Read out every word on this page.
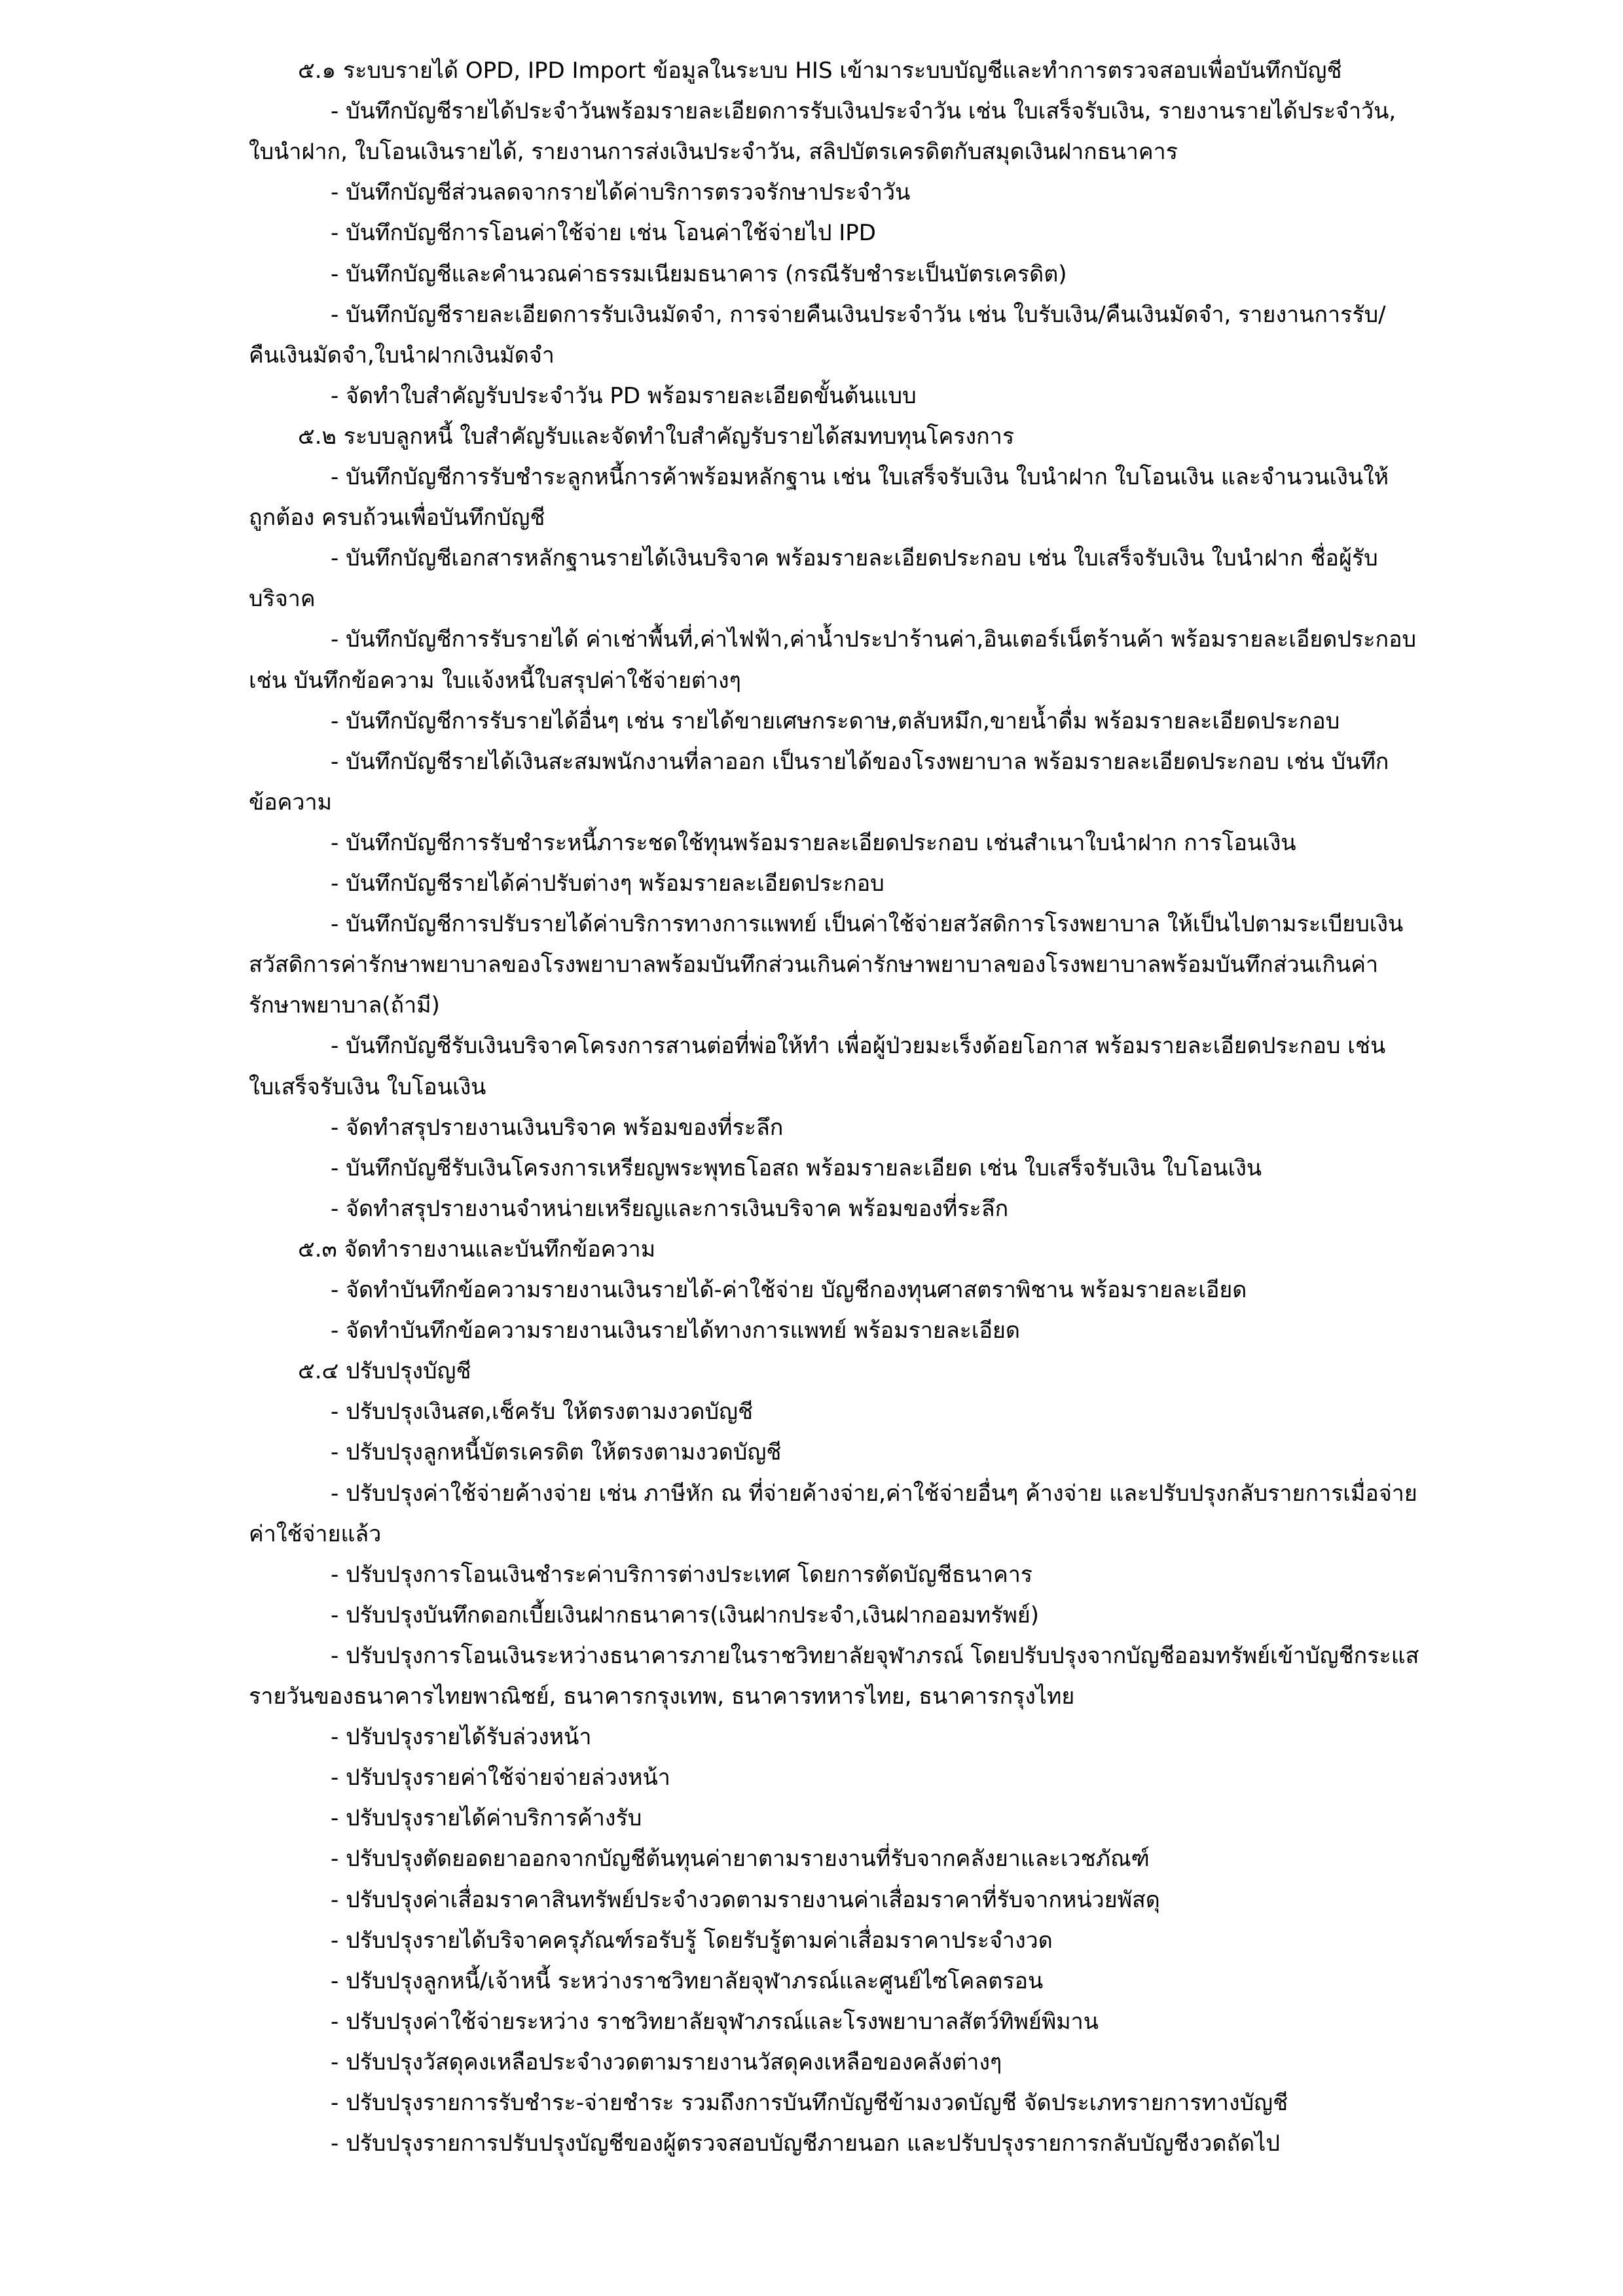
๕.๑ ระบบรายได้ OPD, IPD Import ข้อมูลในระบบ HIS เข้ามาระบบบัญชีและทำการตรวจสอบเพื่อบันทึกบัญชี
- บันทึกบัญชีรายได้ประจำวันพร้อมรายละเอียดการรับเงินประจำวัน เช่น ใบเสร็จรับเงิน, รายงานรายได้ประจำวัน,
ใบนำฝาก, ใบโอนเงินรายได้, รายงานการส่งเงินประจำวัน, สลิปบัตรเครดิตกับสมุดเงินฝากธนาคาร
- บันทึกบัญชีส่วนลดจากรายได้ค่าบริการตรวจรักษาประจำวัน
- บันทึกบัญชีการโอนค่าใช้จ่าย เช่น โอนค่าใช้จ่ายไป IPD
- บันทึกบัญชีและคำนวณค่าธรรมเนียมธนาคาร (กรณีรับชำระเป็นบัตรเครดิต)
- บันทึกบัญชีรายละเอียดการรับเงินมัดจำ, การจ่ายคืนเงินประจำวัน เช่น ใบรับเงิน/คืนเงินมัดจำ, รายงานการรับ/
คืนเงินมัดจำ,ใบนำฝากเงินมัดจำ
- จัดทำใบสำคัญรับประจำวัน PD พร้อมรายละเอียดขั้นต้นแบบ
๕.๒ ระบบลูกหนี้ ใบสำคัญรับและจัดทำใบสำคัญรับรายได้สมทบทุนโครงการ
- บันทึกบัญชีการรับชำระลูกหนี้การค้าพร้อมหลักฐาน เช่น ใบเสร็จรับเงิน ใบนำฝาก ใบโอนเงิน และจำนวนเงินให้
ถูกต้อง ครบถ้วนเพื่อบันทึกบัญชี
- บันทึกบัญชีเอกสารหลักฐานรายได้เงินบริจาค พร้อมรายละเอียดประกอบ เช่น ใบเสร็จรับเงิน ใบนำฝาก ชื่อผู้รับ
บริจาค
- บันทึกบัญชีการรับรายได้ ค่าเช่าพื้นที่,ค่าไฟฟ้า,ค่าน้ำประปาร้านค่า,อินเตอร์เน็ตร้านค้า พร้อมรายละเอียดประกอบ
เช่น บันทึกข้อความ ใบแจ้งหนี้ใบสรุปค่าใช้จ่ายต่างๆ
- บันทึกบัญชีการรับรายได้อื่นๆ เช่น รายได้ขายเศษกระดาษ,ตลับหมึก,ขายน้ำดื่ม พร้อมรายละเอียดประกอบ
- บันทึกบัญชีรายได้เงินสะสมพนักงานที่ลาออก เป็นรายได้ของโรงพยาบาล พร้อมรายละเอียดประกอบ เช่น บันทึก
ข้อความ
- บันทึกบัญชีการรับชำระหนี้ภาระชดใช้ทุนพร้อมรายละเอียดประกอบ เช่นสำเนาใบนำฝาก การโอนเงิน
- บันทึกบัญชีรายได้ค่าปรับต่างๆ พร้อมรายละเอียดประกอบ
- บันทึกบัญชีการปรับรายได้ค่าบริการทางการแพทย์ เป็นค่าใช้จ่ายสวัสดิการโรงพยาบาล ให้เป็นไปตามระเบียบเงิน
สวัสดิการค่ารักษาพยาบาลของโรงพยาบาลพร้อมบันทึกส่วนเกินค่ารักษาพยาบาลของโรงพยาบาลพร้อมบันทึกส่วนเกินค่า
รักษาพยาบาล(ถ้ามี)
- บันทึกบัญชีรับเงินบริจาคโครงการสานต่อที่พ่อให้ทำ เพื่อผู้ป่วยมะเร็งด้อยโอกาส พร้อมรายละเอียดประกอบ เช่น
ใบเสร็จรับเงิน ใบโอนเงิน
- จัดทำสรุปรายงานเงินบริจาค พร้อมของที่ระลึก
- บันทึกบัญชีรับเงินโครงการเหรียญพระพุทธโอสถ พร้อมรายละเอียด เช่น ใบเสร็จรับเงิน ใบโอนเงิน
- จัดทำสรุปรายงานจำหน่ายเหรียญและการเงินบริจาค พร้อมของที่ระลึก
๕.๓ จัดทำรายงานและบันทึกข้อความ
- จัดทำบันทึกข้อความรายงานเงินรายได้-ค่าใช้จ่าย บัญชีกองทุนศาสตราพิชาน พร้อมรายละเอียด
- จัดทำบันทึกข้อความรายงานเงินรายได้ทางการแพทย์ พร้อมรายละเอียด
๕.๔ ปรับปรุงบัญชี
- ปรับปรุงเงินสด,เช็ครับ ให้ตรงตามงวดบัญชี
- ปรับปรุงลูกหนี้บัตรเครดิต ให้ตรงตามงวดบัญชี
- ปรับปรุงค่าใช้จ่ายค้างจ่าย เช่น ภาษีหัก ณ ที่จ่ายค้างจ่าย,ค่าใช้จ่ายอื่นๆ ค้างจ่าย และปรับปรุงกลับรายการเมื่อจ่าย
ค่าใช้จ่ายแล้ว
- ปรับปรุงการโอนเงินชำระค่าบริการต่างประเทศ โดยการตัดบัญชีธนาคาร
- ปรับปรุงบันทึกดอกเบี้ยเงินฝากธนาคาร(เงินฝากประจำ,เงินฝากออมทรัพย์)
- ปรับปรุงการโอนเงินระหว่างธนาคารภายในราชวิทยาลัยจุฬาภรณ์ โดยปรับปรุงจากบัญชีออมทรัพย์เข้าบัญชีกระแส
รายวันของธนาคารไทยพาณิชย์, ธนาคารกรุงเทพ, ธนาคารทหารไทย, ธนาคารกรุงไทย
- ปรับปรุงรายได้รับล่วงหน้า
- ปรับปรุงรายค่าใช้จ่ายจ่ายล่วงหน้า
- ปรับปรุงรายได้ค่าบริการค้างรับ
- ปรับปรุงตัดยอดยาออกจากบัญชีต้นทุนค่ายาตามรายงานที่รับจากคลังยาและเวชภัณฑ์
- ปรับปรุงค่าเสื่อมราคาสินทรัพย์ประจำงวดตามรายงานค่าเสื่อมราคาที่รับจากหน่วยพัสดุ
- ปรับปรุงรายได้บริจาคครุภัณฑ์รอรับรู้ โดยรับรู้ตามค่าเสื่อมราคาประจำงวด
- ปรับปรุงลูกหนี้/เจ้าหนี้ ระหว่างราชวิทยาลัยจุฬาภรณ์และศูนย์ไซโคลตรอน
- ปรับปรุงค่าใช้จ่ายระหว่าง ราชวิทยาลัยจุฬาภรณ์และโรงพยาบาลสัตว์ทิพย์พิมาน
- ปรับปรุงวัสดุคงเหลือประจำงวดตามรายงานวัสดุคงเหลือของคลังต่างๆ
- ปรับปรุงรายการรับชำระ-จ่ายชำระ รวมถึงการบันทึกบัญชีข้ามงวดบัญชี จัดประเภทรายการทางบัญชี
- ปรับปรุงรายการปรับปรุงบัญชีของผู้ตรวจสอบบัญชีภายนอก และปรับปรุงรายการกลับบัญชีงวดถัดไป
